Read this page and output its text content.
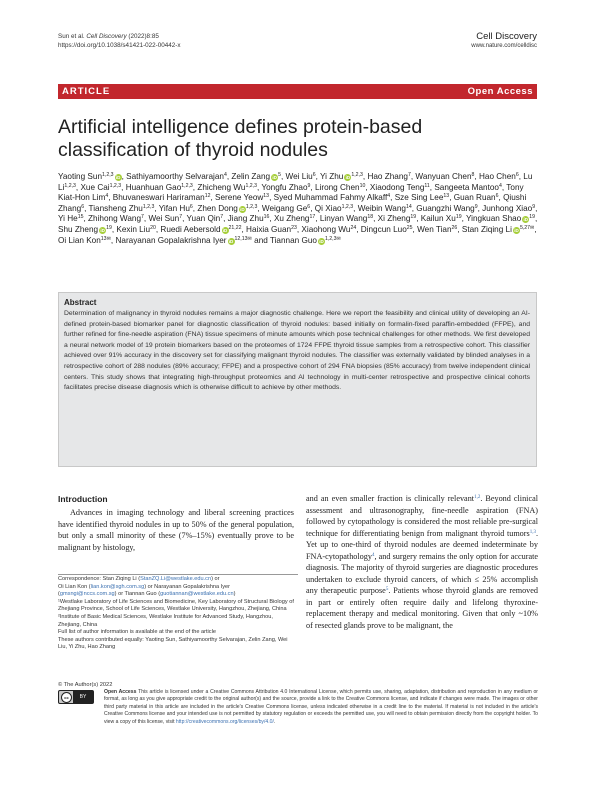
Sun et al. Cell Discovery (2022)8:85
https://doi.org/10.1038/s41421-022-00442-x
Cell Discovery
www.nature.com/celldisc
ARTICLE	Open Access
Artificial intelligence defines protein-based classification of thyroid nodules
Yaoting Sun$^{1,2,3}$ iD, Sathiyamoorthy Selvarajan$^4$, Zelin Zang $iD^5$, Wei Liu$^6$, Yi Zhu iD$^{1,2,3}$, Hao Zhang$^7$, Wanyuan Chen$^8$, Hao Chen$^6$, Lu Li$^{1,2,3}$, Xue Cai$^{1,2,3}$, Huanhuan Gao$^{1,2,3}$, Zhicheng Wu$^{1,2,3}$, Yongfu Zhao$^9$, Lirong Chen$^{10}$, Xiaodong Teng$^{11}$, Sangeeta Mantoo$^4$, Tony Kiat-Hon Lim$^4$, Bhuvaneswari Hariraman$^{12}$, Serene Yeow$^{13}$, Syed Muhammad Fahmy Alkaff$^4$, Sze Sing Lee$^{13}$, Guan Ruan$^6$, Qiushi Zhang$^6$, Tiansheng Zhu$^{1,2,3}$, Yifan Hu$^6$, Zhen Dong iD$^{1,2,3}$, Weigang Ge$^6$, Qi Xiao$^{1,2,3}$, Weibin Wang$^{14}$, Guangzhi Wang$^9$, Junhong Xiao$^9$, Yi He$^{15}$, Zhihong Wang$^7$, Wei Sun$^7$, Yuan Qin$^7$, Jiang Zhu$^{16}$, Xu Zheng$^{17}$, Linyan Wang$^{18}$, Xi Zheng$^{19}$, Kailun Xu$^{19}$, Yingkuan Shao $iD^{19}$, Shu Zheng $iD^{19}$, Kexin Liu$^{20}$, Ruedi Aebersold iD$^{21,22}$, Haixia Guan$^{23}$, Xiaohong Wu$^{24}$, Dingcun Luo$^{25}$, Wen Tian$^{26}$, Stan Ziqing Li $iD^{5,27✉}$, Oi Lian Kon$^{13✉}$, Narayanan Gopalakrishna Iyer $iD^{12,13✉}$ and Tiannan Guo $iD^{1,2,3✉}$
Abstract
Determination of malignancy in thyroid nodules remains a major diagnostic challenge. Here we report the feasibility and clinical utility of developing an AI-defined protein-based biomarker panel for diagnostic classification of thyroid nodules: based initially on formalin-fixed paraffin-embedded (FFPE), and further refined for fine-needle aspiration (FNA) tissue specimens of minute amounts which pose technical challenges for other methods. We first developed a neural network model of 19 protein biomarkers based on the proteomes of 1724 FFPE thyroid tissue samples from a retrospective cohort. This classifier achieved over 91% accuracy in the discovery set for classifying malignant thyroid nodules. The classifier was externally validated by blinded analyses in a retrospective cohort of 288 nodules (89% accuracy; FFPE) and a prospective cohort of 294 FNA biopsies (85% accuracy) from twelve independent clinical centers. This study shows that integrating high-throughput proteomics and AI technology in multi-center retrospective and prospective clinical cohorts facilitates precise disease diagnosis which is otherwise difficult to achieve by other methods.
Introduction
Advances in imaging technology and liberal screening practices have identified thyroid nodules in up to 50% of the general population, but only a small minority of these (7%–15%) eventually prove to be malignant by histology,
and an even smaller fraction is clinically relevant$^{1,2}$. Beyond clinical assessment and ultrasonography, fine-needle aspiration (FNA) followed by cytopathology is considered the most reliable pre-surgical technique for differentiating benign from malignant thyroid tumors$^{1,3}$. Yet up to one-third of thyroid nodules are deemed indeterminate by FNA-cytopathology$^4$, and surgery remains the only option for accurate diagnosis. The majority of thyroid surgeries are diagnostic procedures undertaken to exclude thyroid cancers, of which ≤ 25% accomplish any therapeutic purpose$^5$. Patients whose thyroid glands are removed in part or entirely often require daily and lifelong thyroxine-replacement therapy and medical monitoring. Given that only ~10% of resected glands prove to be malignant, the
Correspondence: Stan Ziqing Li (StanZQ.Li@westlake.edu.cn) or
Oi Lian Kon (lian.kon@sgh.com.sg) or Narayanan Gopalakrishna Iyer
(gmsngi@nccs.com.sg) or Tiannan Guo (guotiannan@westlake.edu.cn)
¹Westlake Laboratory of Life Sciences and Biomedicine, Key Laboratory of Structural Biology of Zhejiang Province, School of Life Sciences, Westlake University, Hangzhou, Zhejiang, China
²Institute of Basic Medical Sciences, Westlake Institute for Advanced Study, Hangzhou, Zhejiang, China
Full list of author information is available at the end of the article
These authors contributed equally: Yaoting Sun, Sathiyamoorthy Selvarajan, Zelin Zang, Wei Liu, Yi Zhu, Hao Zhang
© The Author(s) 2022
cc	BY
Open Access This article is licensed under a Creative Commons Attribution 4.0 International License, which permits use, sharing, adaptation, distribution and reproduction in any medium or format, as long as you give appropriate credit to the original author(s) and the source, provide a link to the Creative Commons license, and indicate if changes were made. The images or other third party material in this article are included in the article's Creative Commons license, unless indicated otherwise in a credit line to the material. If material is not included in the article's Creative Commons license and your intended use is not permitted by statutory regulation or exceeds the permitted use, you will need to obtain permission directly from the copyright holder. To view a copy of this license, visit http://creativecommons.org/licenses/by/4.0/.
